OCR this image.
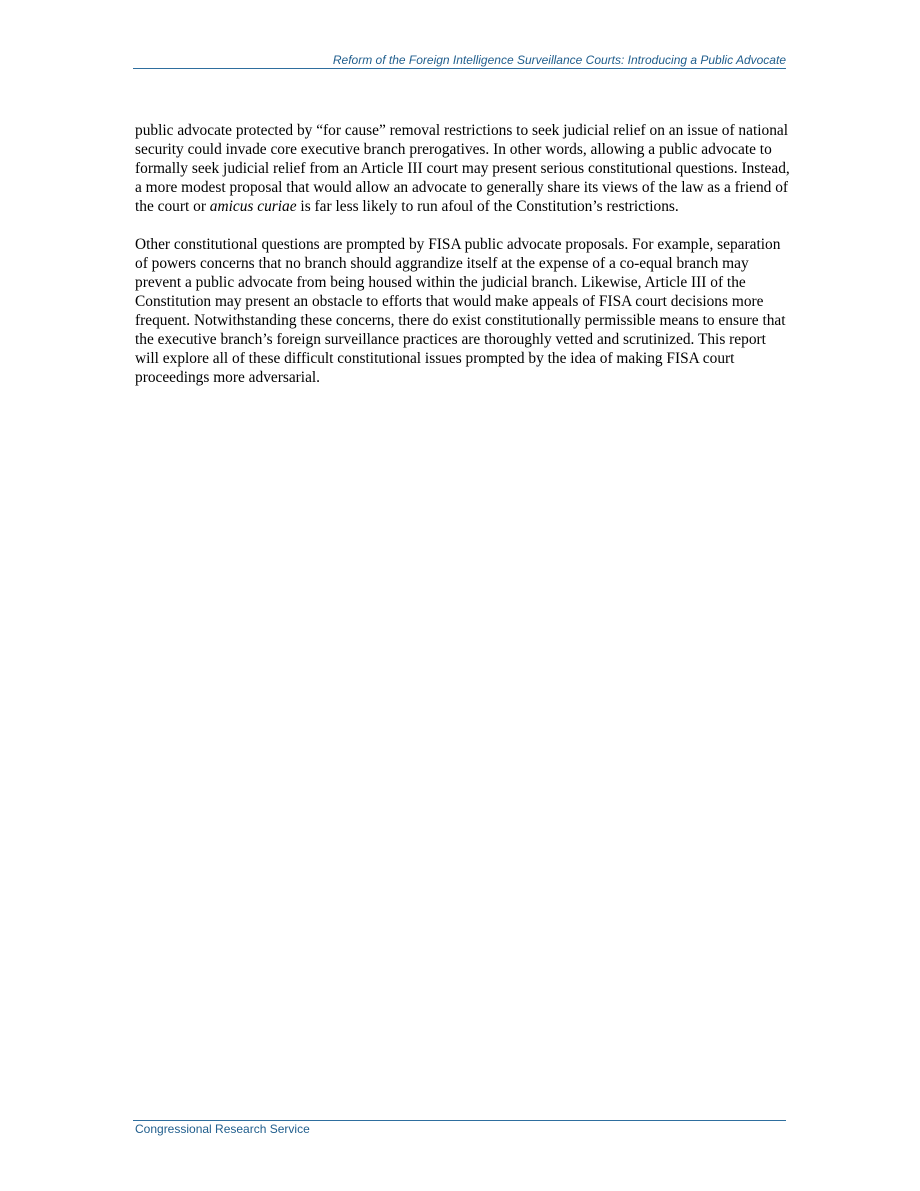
Reform of the Foreign Intelligence Surveillance Courts: Introducing a Public Advocate

public advocate protected by “for cause” removal restrictions to seek judicial relief on an issue of national security could invade core executive branch prerogatives. In other words, allowing a public advocate to formally seek judicial relief from an Article III court may present serious constitutional questions. Instead, a more modest proposal that would allow an advocate to generally share its views of the law as a friend of the court or amicus curiae is far less likely to run afoul of the Constitution’s restrictions.

Other constitutional questions are prompted by FISA public advocate proposals. For example, separation of powers concerns that no branch should aggrandize itself at the expense of a co-equal branch may prevent a public advocate from being housed within the judicial branch. Likewise, Article III of the Constitution may present an obstacle to efforts that would make appeals of FISA court decisions more frequent. Notwithstanding these concerns, there do exist constitutionally permissible means to ensure that the executive branch’s foreign surveillance practices are thoroughly vetted and scrutinized. This report will explore all of these difficult constitutional issues prompted by the idea of making FISA court proceedings more adversarial.

Congressional Research Service
